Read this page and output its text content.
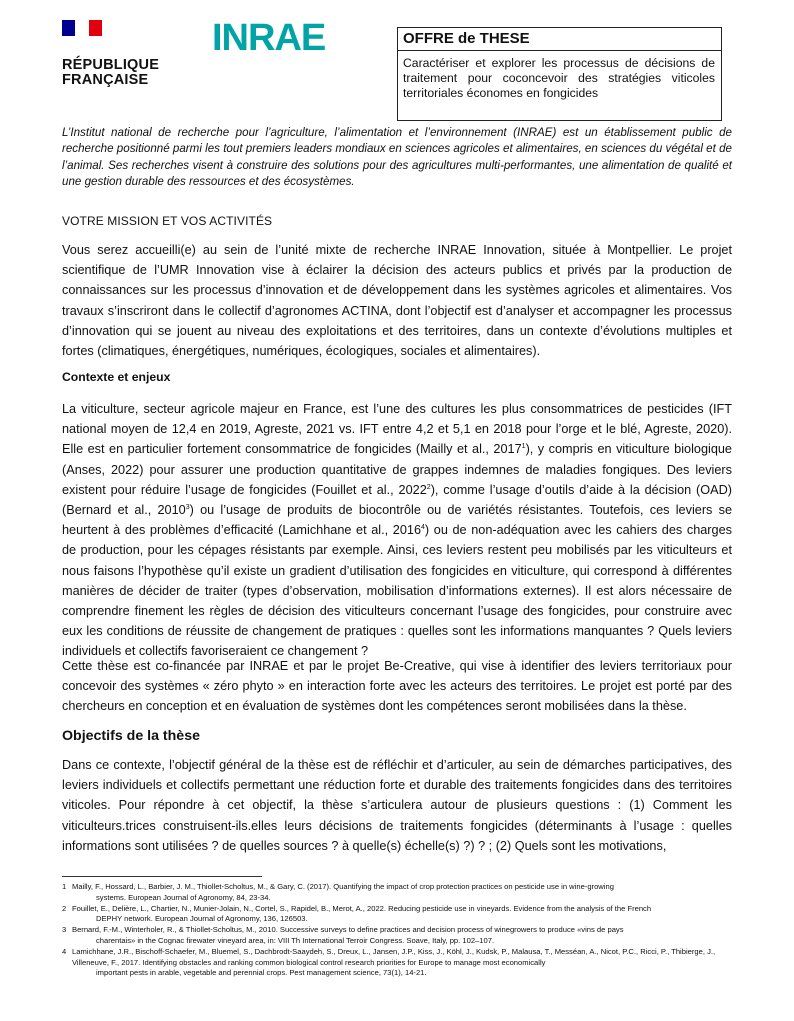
RÉPUBLIQUE
FRANÇAISE
INRAE	OFFRE de THESE
Caractériser et explorer les processus de décisions de traitement pour coconcevoir des stratégies viticoles territoriales économes en fongicides
L’Institut national de recherche pour l’agriculture, l’alimentation et l’environnement (INRAE) est un établissement public de recherche positionné parmi les tout premiers leaders mondiaux en sciences agricoles et alimentaires, en sciences du végétal et de l’animal. Ses recherches visent à construire des solutions pour des agricultures multi-performantes, une alimentation de qualité et une gestion durable des ressources et des écosystèmes.
VOTRE MISSION ET VOS ACTIVITÉS
Vous serez accueilli(e) au sein de l’unité mixte de recherche INRAE Innovation, située à Montpellier. Le projet scientifique de l’UMR Innovation vise à éclairer la décision des acteurs publics et privés par la production de connaissances sur les processus d’innovation et de développement dans les systèmes agricoles et alimentaires. Vos travaux s’inscriront dans le collectif d’agronomes ACTINA, dont l’objectif est d’analyser et accompagner les processus d’innovation qui se jouent au niveau des exploitations et des territoires, dans un contexte d’évolutions multiples et fortes (climatiques, énergétiques, numériques, écologiques, sociales et alimentaires).
Contexte et enjeux
La viticulture, secteur agricole majeur en France, est l’une des cultures les plus consommatrices de pesticides (IFT national moyen de 12,4 en 2019, Agreste, 2021 vs. IFT entre 4,2 et 5,1 en 2018 pour l’orge et le blé, Agreste, 2020). Elle est en particulier fortement consommatrice de fongicides (Mailly et al., 2017$^1$), y compris en viticulture biologique (Anses, 2022) pour assurer une production quantitative de grappes indemnes de maladies fongiques. Des leviers existent pour réduire l’usage de fongicides (Fouillet et al., 2022$^2$), comme l’usage d’outils d’aide à la décision (OAD) (Bernard et al., 2010$^3$) ou l’usage de produits de biocontrôle ou de variétés résistantes. Toutefois, ces leviers se heurtent à des problèmes d’efficacité (Lamichhane et al., 2016$^4$) ou de non-adéquation avec les cahiers des charges de production, pour les cépages résistants par exemple. Ainsi, ces leviers restent peu mobilisés par les viticulteurs et nous faisons l’hypothèse qu’il existe un gradient d’utilisation des fongicides en viticulture, qui correspond à différentes manières de décider de traiter (types d’observation, mobilisation d’informations externes). Il est alors nécessaire de comprendre finement les règles de décision des viticulteurs concernant l’usage des fongicides, pour construire avec eux les conditions de réussite de changement de pratiques : quelles sont les informations manquantes ? Quels leviers individuels et collectifs favoriseraient ce changement ?
Cette thèse est co-financée par INRAE et par le projet Be-Creative, qui vise à identifier des leviers territoriaux pour concevoir des systèmes « zéro phyto » en interaction forte avec les acteurs des territoires. Le projet est porté par des chercheurs en conception et en évaluation de systèmes dont les compétences seront mobilisées dans la thèse.
Objectifs de la thèse
Dans ce contexte, l’objectif général de la thèse est de réfléchir et d’articuler, au sein de démarches participatives, des leviers individuels et collectifs permettant une réduction forte et durable des traitements fongicides dans des territoires viticoles. Pour répondre à cet objectif, la thèse s’articulera autour de plusieurs questions : (1) Comment les viticulteurs.trices construisent-ils.elles leurs décisions de traitements fongicides (déterminants à l’usage : quelles informations sont utilisées ? de quelles sources ? à quelle(s) échelle(s) ?) ? ; (2) Quels sont les motivations,
1 Mailly, F., Hossard, L., Barbier, J. M., Thiollet-Scholtus, M., & Gary, C. (2017). Quantifying the impact of crop protection practices on pesticide use in wine-growing
systems. European Journal of Agronomy, 84, 23-34.
2 Fouillet, E., Delière, L., Chartier, N., Munier-Jolain, N., Cortel, S., Rapidel, B., Merot, A., 2022. Reducing pesticide use in vineyards. Evidence from the analysis of the French
DEPHY network. European Journal of Agronomy, 136, 126503.
3 Bernard, F.-M., Winterholer, R., & Thiollet-Scholtus, M., 2010. Successive surveys to define practices and decision process of winegrowers to produce «vins de pays
charentais» in the Cognac firewater vineyard area, in: VIII Th International Terroir Congress. Soave, Italy, pp. 102–107.
4 Lamichhane, J.R., Bischoff-Schaefer, M., Bluemel, S., Dachbrodt-Saaydeh, S., Dreux, L., Jansen, J.P., Kiss, J., Köhl, J., Kudsk, P., Malausa, T., Messéan, A., Nicot, P.C., Ricci, P., Thibierge, J., Villeneuve, F., 2017. Identifying obstacles and ranking common biological control research priorities for Europe to manage most economically
important pests in arable, vegetable and perennial crops. Pest management science, 73(1), 14-21.
